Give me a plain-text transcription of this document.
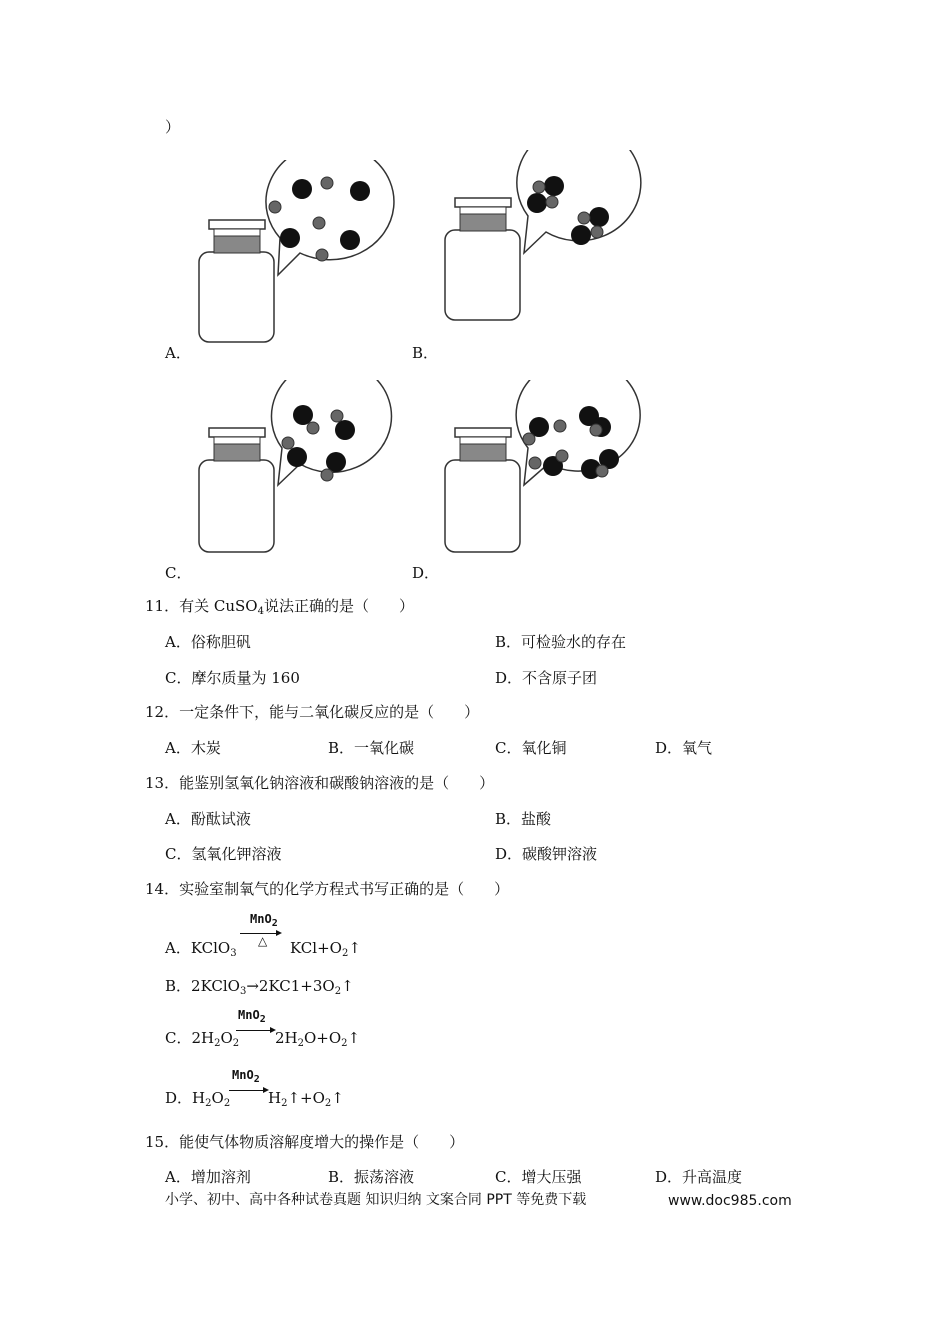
）
A．	B．
C．	D．
11．有关 CuSO$_4$说法正确的是（　　）
A．俗称胆矾	B．可检验水的存在
C．摩尔质量为 160	D．不含原子团
12．一定条件下，能与二氧化碳反应的是（　　）
A．木炭	B．一氧化碳	C．氧化铜	D．氧气
13．能鉴别氢氧化钠溶液和碳酸钠溶液的是（　　）
A．酚酞试液	B．盐酸
C．氢氧化钾溶液	D．碳酸钾溶液
14．实验室制氧气的化学方程式书写正确的是（　　）
A．KClO$_3$
MnO$_2$
△ $KCl+O_2↑$
B．$2KClO_3\to 2KC1+3O_2↑$
C．$2H_2O_2$
MnO$_2$
$2H_2O+O_2↑$
D．$H_2O_2$
MnO$_2$
$H_2↑+O_2↑$
15．能使气体物质溶解度增大的操作是（　　）
A．增加溶剂	B．振荡溶液	C．增大压强	D．升高温度
小学、初中、高中各种试卷真题 知识归纳 文案合同 PPT 等免费下载	www.doc985.com
